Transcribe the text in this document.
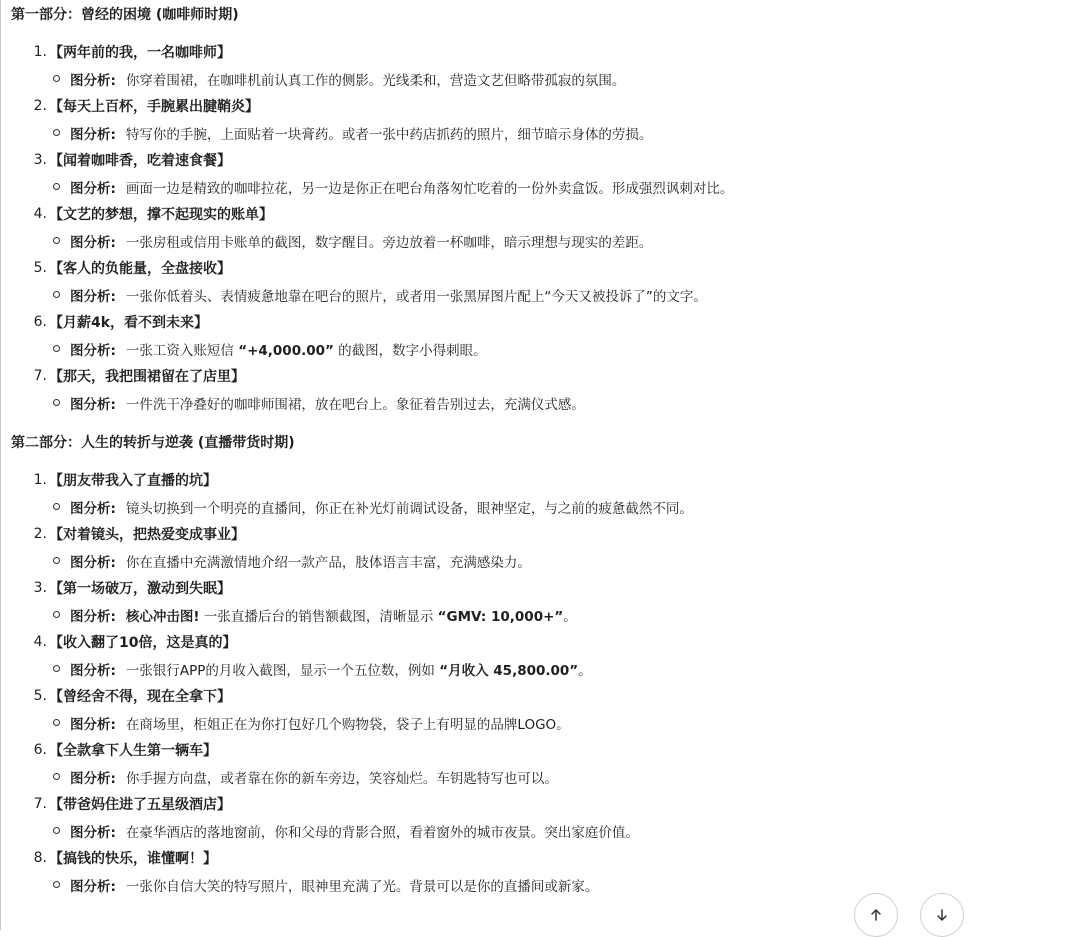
第一部分：曾经的困境 (咖啡师时期)
1. 【两年前的我，一名咖啡师】
图分析: 你穿着围裙，在咖啡机前认真工作的侧影。光线柔和，营造文艺但略带孤寂的氛围。
2. 【每天上百杯，手腕累出腱鞘炎】
图分析: 特写你的手腕，上面贴着一块膏药。或者一张中药店抓药的照片，细节暗示身体的劳损。
3. 【闻着咖啡香，吃着速食餐】
图分析: 画面一边是精致的咖啡拉花，另一边是你正在吧台角落匆忙吃着的一份外卖盒饭。形成强烈讽刺对比。
4. 【文艺的梦想，撑不起现实的账单】
图分析: 一张房租或信用卡账单的截图，数字醒目。旁边放着一杯咖啡，暗示理想与现实的差距。
5. 【客人的负能量，全盘接收】
图分析: 一张你低着头、表情疲惫地靠在吧台的照片，或者用一张黑屏图片配上“今天又被投诉了”的文字。
6. 【月薪4k，看不到未来】
图分析: 一张工资入账短信 “+4,000.00” 的截图，数字小得刺眼。
7. 【那天，我把围裙留在了店里】
图分析: 一件洗干净叠好的咖啡师围裙，放在吧台上。象征着告别过去，充满仪式感。
第二部分：人生的转折与逆袭 (直播带货时期)
1. 【朋友带我入了直播的坑】
图分析: 镜头切换到一个明亮的直播间，你正在补光灯前调试设备，眼神坚定，与之前的疲惫截然不同。
2. 【对着镜头，把热爱变成事业】
图分析: 你在直播中充满激情地介绍一款产品，肢体语言丰富，充满感染力。
3. 【第一场破万，激动到失眠】
图分析: 核心冲击图! 一张直播后台的销售额截图，清晰显示 “GMV: 10,000+”。
4. 【收入翻了10倍，这是真的】
图分析: 一张银行APP的月收入截图，显示一个五位数，例如 “月收入 45,800.00”。
5. 【曾经舍不得，现在全拿下】
图分析: 在商场里，柜姐正在为你打包好几个购物袋，袋子上有明显的品牌LOGO。
6. 【全款拿下人生第一辆车】
图分析: 你手握方向盘，或者靠在你的新车旁边，笑容灿烂。车钥匙特写也可以。
7. 【带爸妈住进了五星级酒店】
图分析: 在豪华酒店的落地窗前，你和父母的背影合照，看着窗外的城市夜景。突出家庭价值。
8. 【搞钱的快乐，谁懂啊！】
图分析: 一张你自信大笑的特写照片，眼神里充满了光。背景可以是你的直播间或新家。
